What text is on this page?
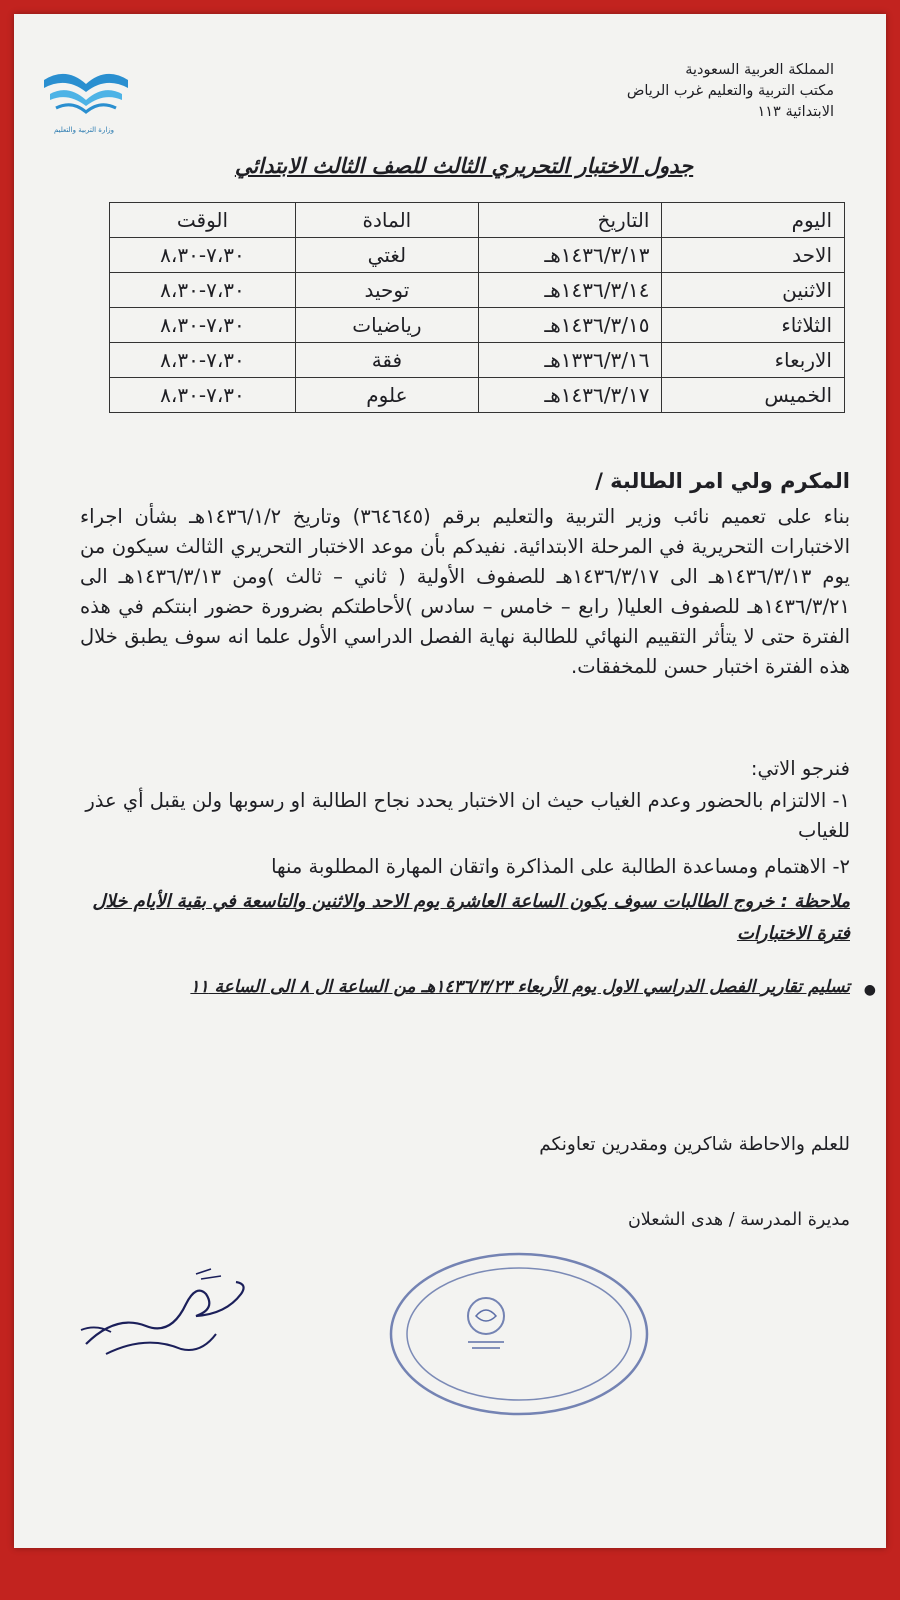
وزارة التربية والتعليم
المملكة العربية السعودية
مكتب التربية والتعليم غرب الرياض
الابتدائية ١١٣
جدول الاختبار التحريري الثالث للصف الثالث الابتدائي
اليوم	التاريخ	المادة	الوقت
الاحد	١٤٣٦/٣/١٣هـ	لغتي	٧،٣٠-٨،٣٠
الاثنين	١٤٣٦/٣/١٤هـ	توحيد	٧،٣٠-٨،٣٠
الثلاثاء	١٤٣٦/٣/١٥هـ	رياضيات	٧،٣٠-٨،٣٠
الاربعاء	١٣٣٦/٣/١٦هـ	فقة	٧،٣٠-٨،٣٠
الخميس	١٤٣٦/٣/١٧هـ	علوم	٧،٣٠-٨،٣٠
المكرم ولي امر الطالبة /
بناء على تعميم نائب وزير التربية والتعليم برقم (٣٦٤٦٤٥) وتاريخ ١٤٣٦/١/٢هـ بشأن اجراء الاختبارات التحريرية في المرحلة الابتدائية. نفيدكم بأن موعد الاختبار التحريري الثالث سيكون من يوم ١٤٣٦/٣/١٣هـ الى ١٤٣٦/٣/١٧هـ للصفوف الأولية ( ثاني – ثالث )ومن ١٤٣٦/٣/١٣هـ الى ١٤٣٦/٣/٢١هـ للصفوف العليا( رابع – خامس – سادس )لأحاطتكم بضرورة حضور ابنتكم في هذه الفترة حتى لا يتأثر التقييم النهائي للطالبة نهاية الفصل الدراسي الأول علما انه سوف يطبق خلال هذه الفترة اختبار حسن للمخفقات.
فنرجو الاتي:
١- الالتزام بالحضور وعدم الغياب حيث ان الاختبار يحدد نجاح الطالبة او رسوبها ولن يقبل أي عذر للغياب
٢- الاهتمام ومساعدة الطالبة على المذاكرة واتقان المهارة المطلوبة منها
ملاحظة : خروج الطالبات سوف يكون الساعة العاشرة يوم الاحد والاثنين والتاسعة في بقية الأيام خلال فترة الاختبارات
●
تسليم تقارير الفصل الدراسي الاول يوم الأربعاء ١٤٣٦/٣/٢٣هـ من الساعة ال ٨ الى الساعة ١١
للعلم والاحاطة شاكرين ومقدرين تعاونكم
مديرة المدرسة / هدى الشعلان
